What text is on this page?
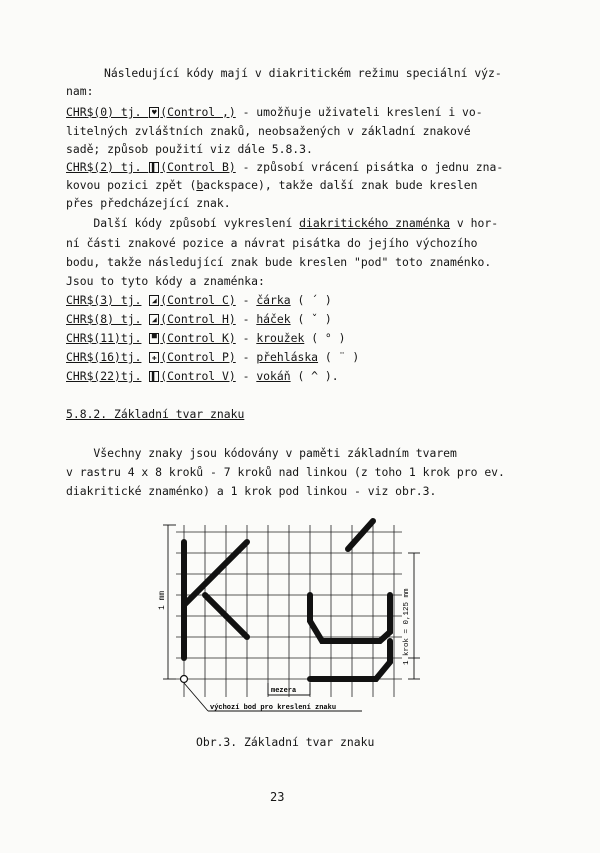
Následující kódy mají v diakritickém režimu speciální výz-
nam:
CHR$(0) tj. ♥ (Control ,) - umožňuje uživateli kreslení i vo-
litelných zvláštních znaků, neobsažených v základní znakové
sadě; způsob použití viz dále 5.8.3.
CHR$(2) tj. ▌ (Control B) - způsobí vrácení pisátka o jednu zna-
kovou pozici zpět (backspace), takže další znak bude kreslen
přes předcházející znak.
Další kódy způsobí vykreslení diakritického znaménka v hor-
ní části znakové pozice a návrat pisátka do jejího výchozího
bodu, takže následující znak bude kreslen "pod" toto znaménko.
Jsou to tyto kódy a znaménka:
CHR$(3) tj. ◢ (Control C) - čárka ( ´ )
CHR$(8) tj. ◢ (Control H) - háček ( ˇ )
CHR$(11)tj. ▀ (Control K) - kroužek ( ° )
CHR$(16)tj. ✚ (Control P) - přehláska ( ¨ )
CHR$(22)tj. ▌ (Control V) - vokáň ( ^ ).
5.8.2. Základní tvar znaku
Všechny znaky jsou kódovány v paměti základním tvarem
v rastru 4 x 8 kroků - 7 kroků nad linkou (z toho 1 krok pro ev.
diakritické znaménko) a 1 krok pod linkou - viz obr.3.
1 mm	1 krok = 0,125 mm
mezera
výchozí bod pro kreslení znaku
Obr.3. Základní tvar znaku
23
